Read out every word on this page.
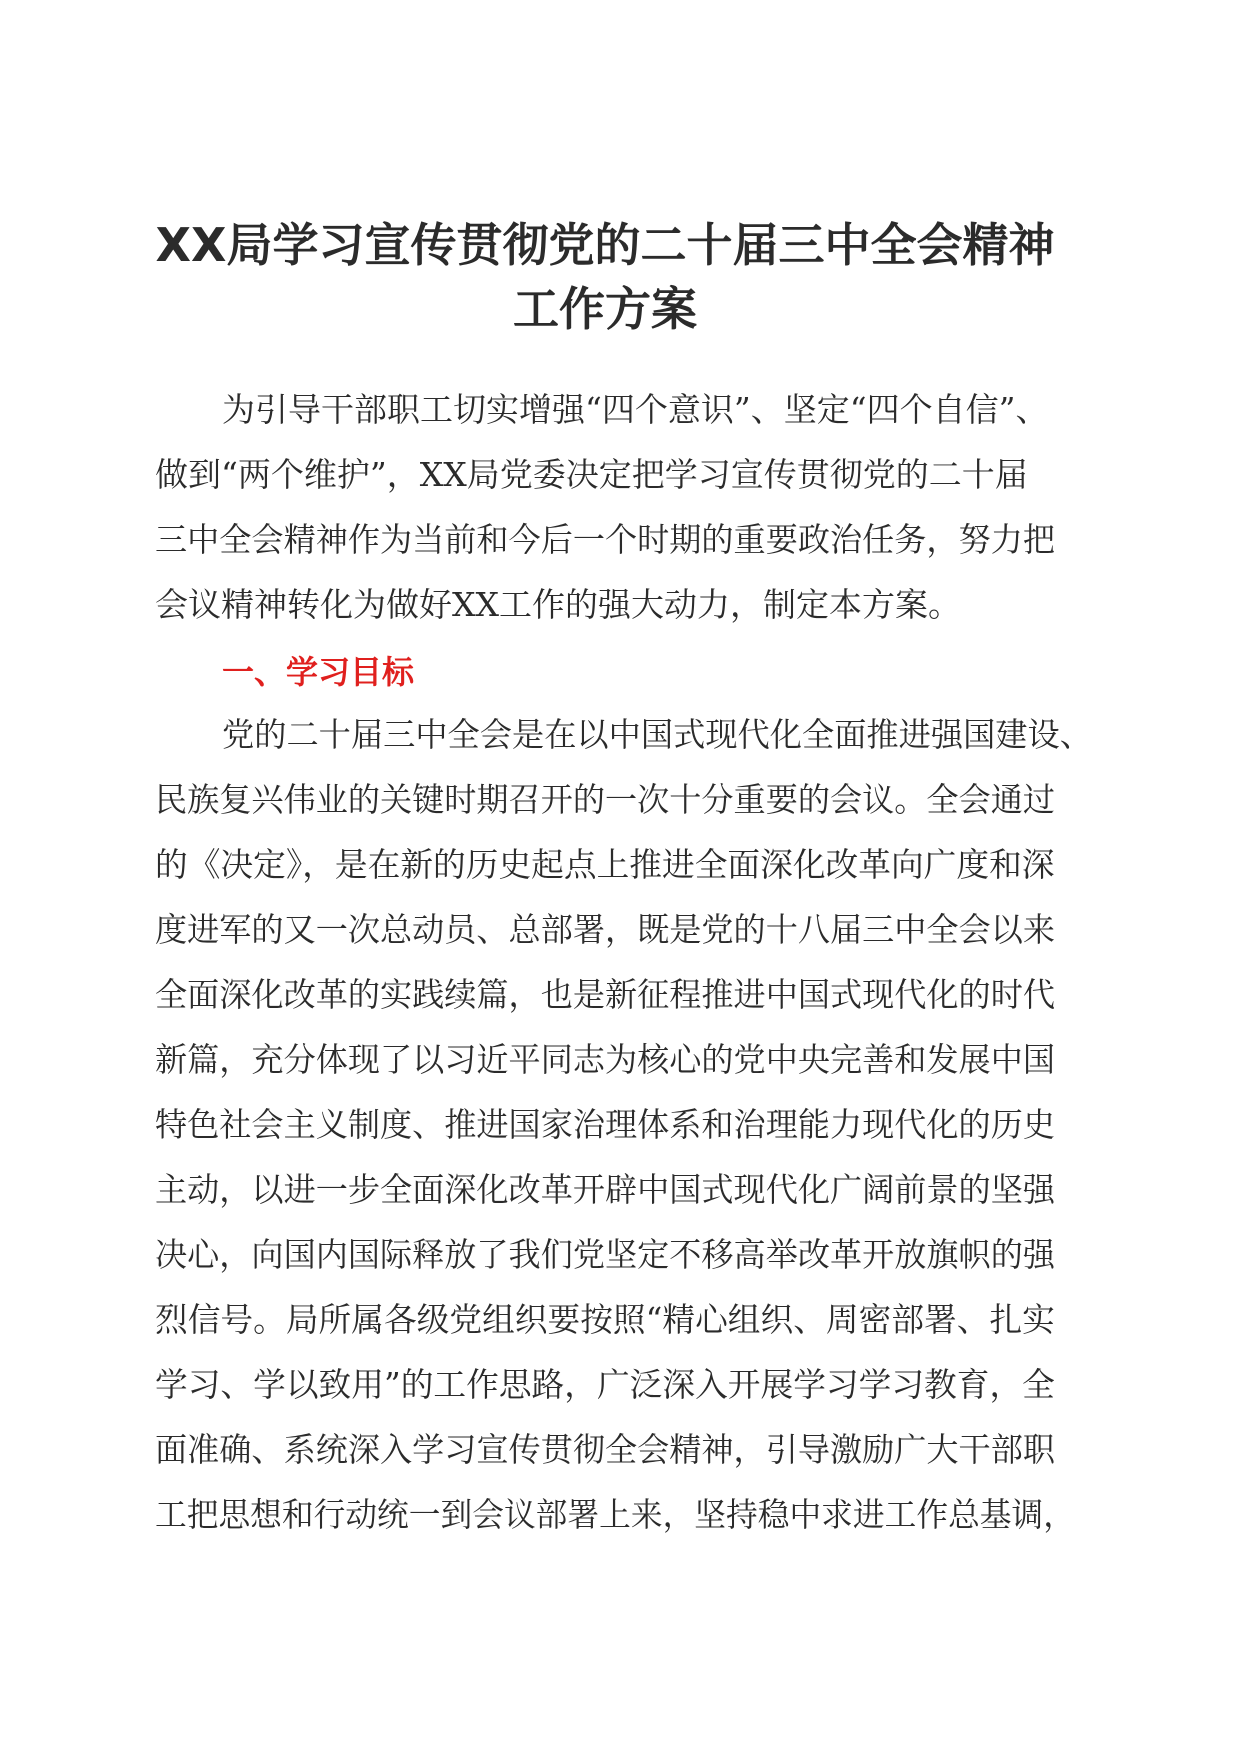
XX局学习宣传贯彻党的二十届三中全会精神
工作方案
为引导干部职工切实增强“四个意识”、坚定“四个自信”、
做到“两个维护”，XX局党委决定把学习宣传贯彻党的二十届
三中全会精神作为当前和今后一个时期的重要政治任务，努力把
会议精神转化为做好XX工作的强大动力，制定本方案。
一、学习目标
党的二十届三中全会是在以中国式现代化全面推进强国建设、
民族复兴伟业的关键时期召开的一次十分重要的会议。全会通过
的《决定》，是在新的历史起点上推进全面深化改革向广度和深
度进军的又一次总动员、总部署，既是党的十八届三中全会以来
全面深化改革的实践续篇，也是新征程推进中国式现代化的时代
新篇，充分体现了以习近平同志为核心的党中央完善和发展中国
特色社会主义制度、推进国家治理体系和治理能力现代化的历史
主动，以进一步全面深化改革开辟中国式现代化广阔前景的坚强
决心，向国内国际释放了我们党坚定不移高举改革开放旗帜的强
烈信号。局所属各级党组织要按照“精心组织、周密部署、扎实
学习、学以致用”的工作思路，广泛深入开展学习学习教育，全
面准确、系统深入学习宣传贯彻全会精神，引导激励广大干部职
工把思想和行动统一到会议部署上来，坚持稳中求进工作总基调，
